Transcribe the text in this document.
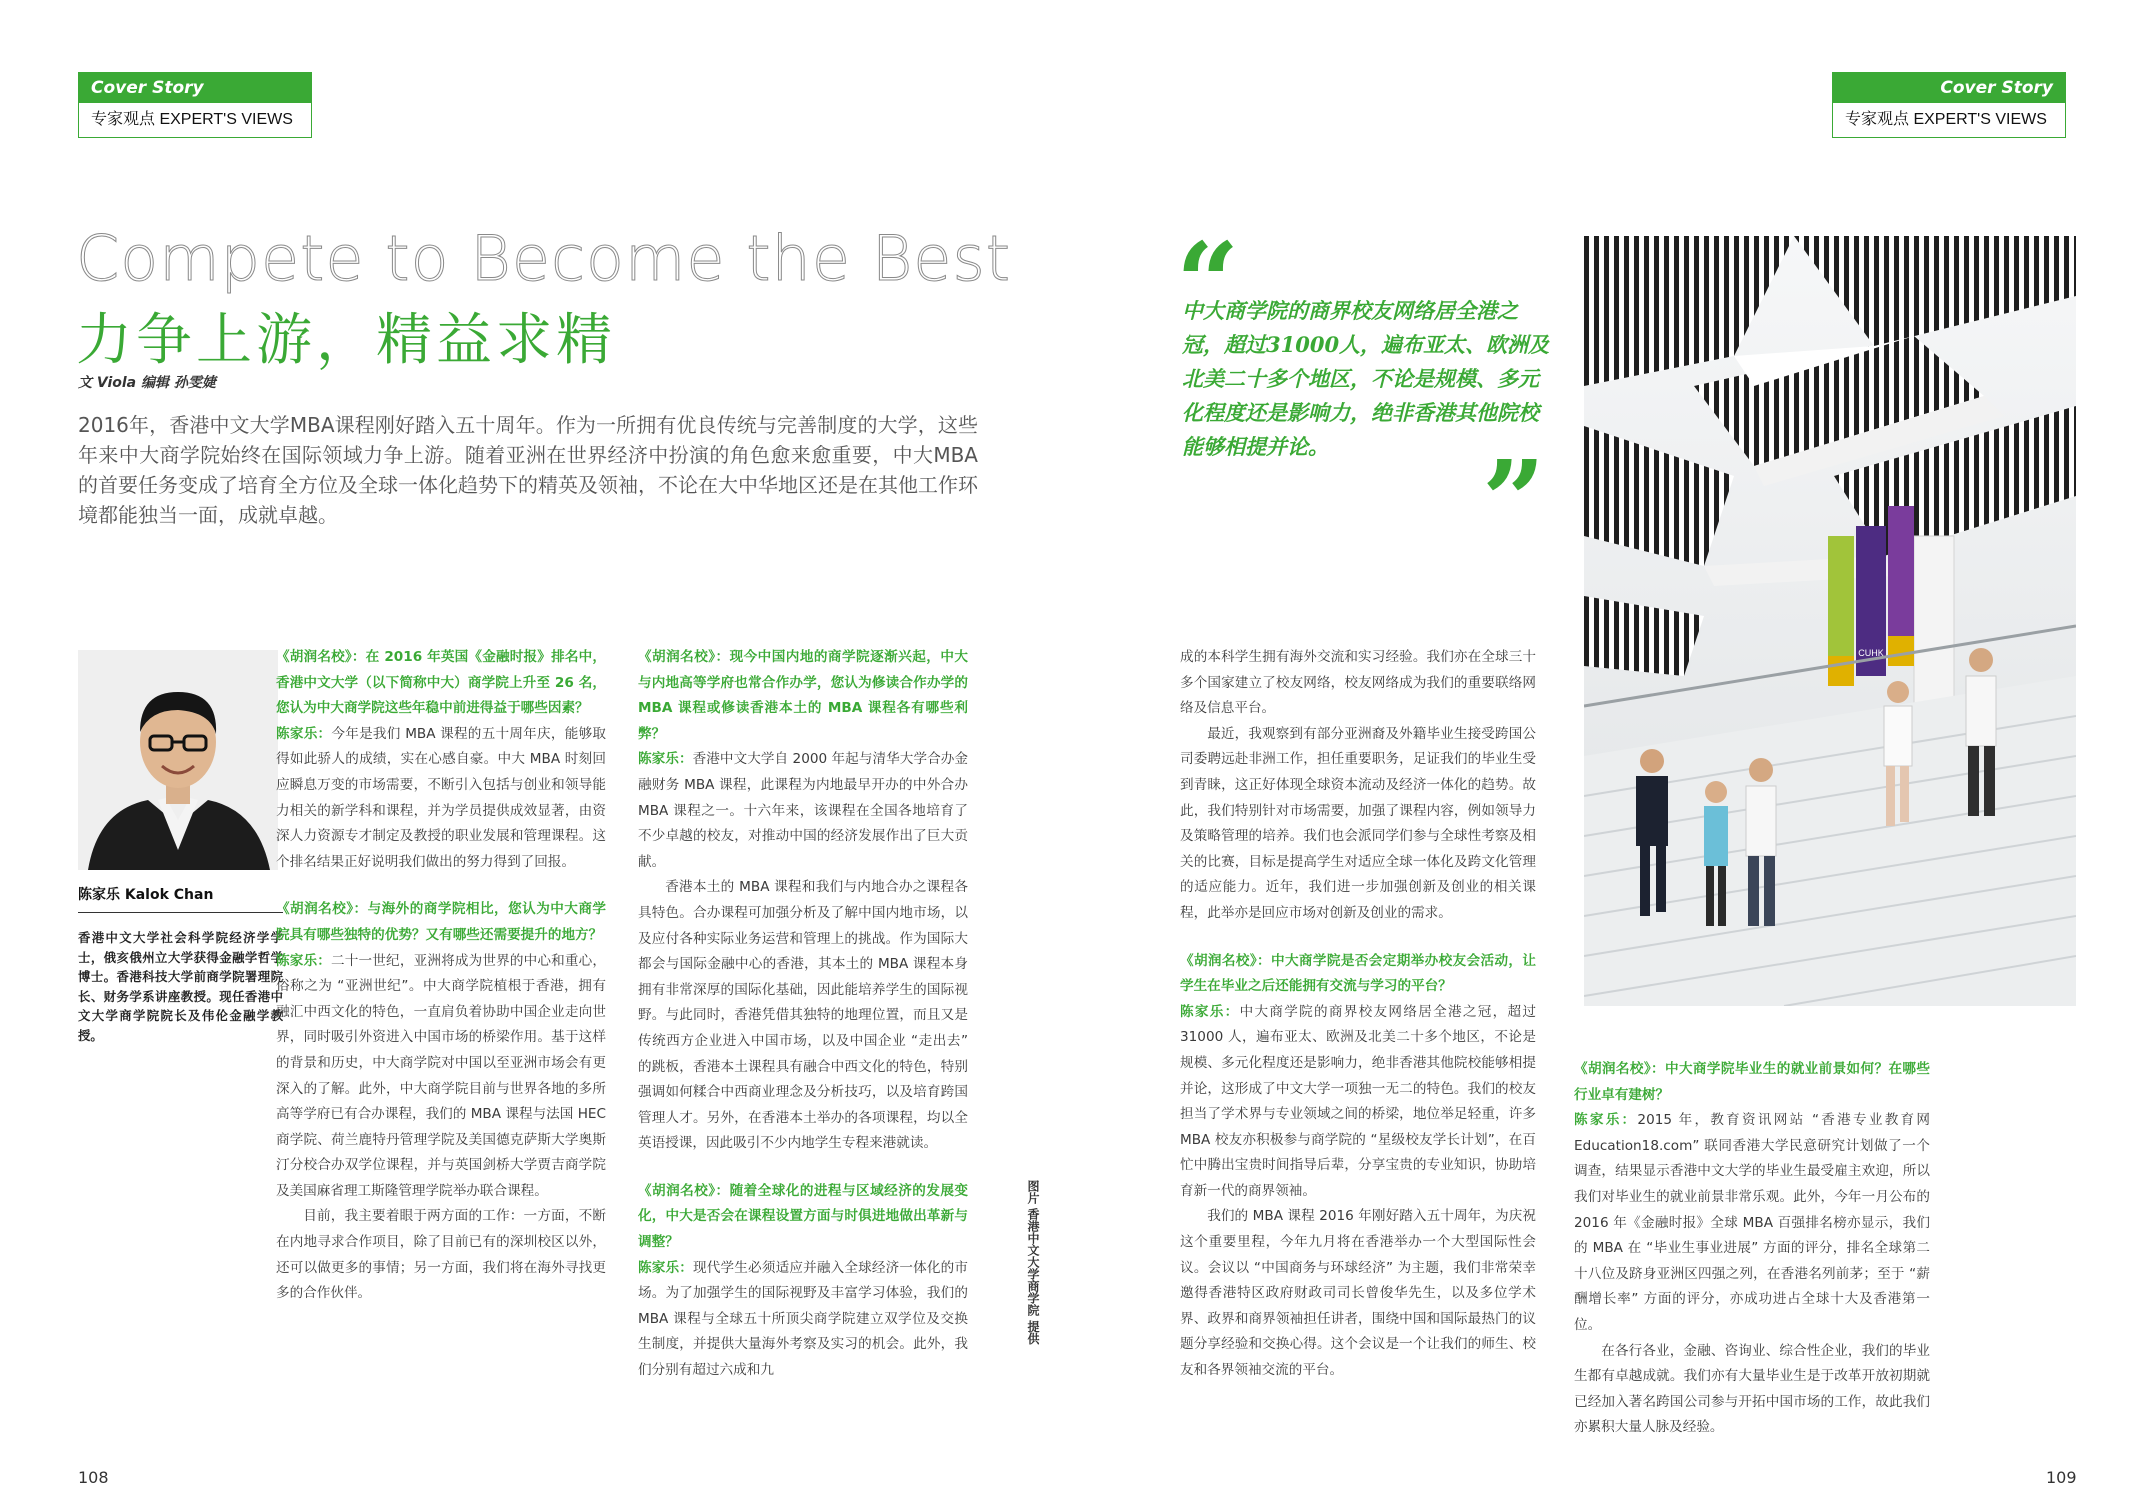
Cover Story
专家观点 EXPERT'S VIEWS
Cover Story
专家观点 EXPERT'S VIEWS
Compete to Become the Best
力争上游，精益求精
文 Viola 编辑 孙雯婕
2016年，香港中文大学MBA课程刚好踏入五十周年。作为一所拥有优良传统与完善制度的大学，这些年来中大商学院始终在国际领域力争上游。随着亚洲在世界经济中扮演的角色愈来愈重要，中大MBA的首要任务变成了培育全方位及全球一体化趋势下的精英及领袖，不论在大中华地区还是在其他工作环境都能独当一面，成就卓越。
陈家乐 Kalok Chan
香港中文大学社会科学院经济学学士，俄亥俄州立大学获得金融学哲学博士。香港科技大学前商学院署理院长、财务学系讲座教授。现任香港中文大学商学院院长及伟伦金融学教授。

《胡润名校》：在 2016 年英国《金融时报》排名中，香港中文大学（以下简称中大）商学院上升至 26 名，您认为中大商学院这些年稳中前进得益于哪些因素？

陈家乐：今年是我们 MBA 课程的五十周年庆，能够取得如此骄人的成绩，实在心感自豪。中大 MBA 时刻回应瞬息万变的市场需要，不断引入包括与创业和领导能力相关的新学科和课程，并为学员提供成效显著，由资深人力资源专才制定及教授的职业发展和管理课程。这个排名结果正好说明我们做出的努力得到了回报。

《胡润名校》：与海外的商学院相比，您认为中大商学院具有哪些独特的优势？又有哪些还需要提升的地方？

陈家乐：二十一世纪，亚洲将成为世界的中心和重心，俗称之为 “亚洲世纪”。中大商学院植根于香港，拥有融汇中西文化的特色，一直肩负着协助中国企业走向世界，同时吸引外资进入中国市场的桥梁作用。基于这样的背景和历史，中大商学院对中国以至亚洲市场会有更深入的了解。此外，中大商学院目前与世界各地的多所高等学府已有合办课程，我们的 MBA 课程与法国 HEC 商学院、荷兰鹿特丹管理学院及美国德克萨斯大学奥斯汀分校合办双学位课程，并与英国剑桥大学贾吉商学院及美国麻省理工斯隆管理学院举办联合课程。

目前，我主要着眼于两方面的工作：一方面，不断在内地寻求合作项目，除了目前已有的深圳校区以外，还可以做更多的事情；另一方面，我们将在海外寻找更多的合作伙伴。

《胡润名校》：现今中国内地的商学院逐渐兴起，中大与内地高等学府也常合作办学，您认为修读合作办学的 MBA 课程或修读香港本土的 MBA 课程各有哪些利弊？

陈家乐：香港中文大学自 2000 年起与清华大学合办金融财务 MBA 课程，此课程为内地最早开办的中外合办 MBA 课程之一。十六年来，该课程在全国各地培育了不少卓越的校友，对推动中国的经济发展作出了巨大贡献。

香港本土的 MBA 课程和我们与内地合办之课程各具特色。合办课程可加强分析及了解中国内地市场，以及应付各种实际业务运营和管理上的挑战。作为国际大都会与国际金融中心的香港，其本土的 MBA 课程本身拥有非常深厚的国际化基础，因此能培养学生的国际视野。与此同时，香港凭借其独特的地理位置，而且又是传统西方企业进入中国市场，以及中国企业 “走出去” 的跳板，香港本土课程具有融合中西文化的特色，特别强调如何糅合中西商业理念及分析技巧，以及培育跨国管理人才。另外，在香港本土举办的各项课程，均以全英语授课，因此吸引不少内地学生专程来港就读。

《胡润名校》：随着全球化的进程与区域经济的发展变化，中大是否会在课程设置方面与时俱进地做出革新与调整？

陈家乐：现代学生必须适应并融入全球经济一体化的市场。为了加强学生的国际视野及丰富学习体验，我们的 MBA 课程与全球五十所顶尖商学院建立双学位及交换生制度，并提供大量海外考察及实习的机会。此外，我们分别有超过六成和九

图片 香港中文大学商学院 提供
“
中大商学院的商界校友网络居全港之冠，超过31000人，遍布亚太、欧洲及北美二十多个地区，不论是规模、多元化程度还是影响力，绝非香港其他院校能够相提并论。	”
CUHK

成的本科学生拥有海外交流和实习经验。我们亦在全球三十多个国家建立了校友网络，校友网络成为我们的重要联络网络及信息平台。

最近，我观察到有部分亚洲裔及外籍毕业生接受跨国公司委聘远赴非洲工作，担任重要职务，足证我们的毕业生受到青睐，这正好体现全球资本流动及经济一体化的趋势。故此，我们特别针对市场需要，加强了课程内容，例如领导力及策略管理的培养。我们也会派同学们参与全球性考察及相关的比赛，目标是提高学生对适应全球一体化及跨文化管理的适应能力。近年，我们进一步加强创新及创业的相关课程，此举亦是回应市场对创新及创业的需求。

《胡润名校》：中大商学院是否会定期举办校友会活动，让学生在毕业之后还能拥有交流与学习的平台？

陈家乐：中大商学院的商界校友网络居全港之冠，超过 31000 人，遍布亚太、欧洲及北美二十多个地区，不论是规模、多元化程度还是影响力，绝非香港其他院校能够相提并论，这形成了中文大学一项独一无二的特色。我们的校友担当了学术界与专业领域之间的桥梁，地位举足轻重，许多 MBA 校友亦积极参与商学院的 “星级校友学长计划”，在百忙中腾出宝贵时间指导后辈，分享宝贵的专业知识，协助培育新一代的商界领袖。

我们的 MBA 课程 2016 年刚好踏入五十周年，为庆祝这个重要里程，今年九月将在香港举办一个大型国际性会议。会议以 “中国商务与环球经济” 为主题，我们非常荣幸邀得香港特区政府财政司司长曾俊华先生，以及多位学术界、政界和商界领袖担任讲者，围绕中国和国际最热门的议题分享经验和交换心得。这个会议是一个让我们的师生、校友和各界领袖交流的平台。

《胡润名校》：中大商学院毕业生的就业前景如何？在哪些行业卓有建树？

陈家乐：2015 年，教育资讯网站 “香港专业教育网 Education18.com” 联同香港大学民意研究计划做了一个调查，结果显示香港中文大学的毕业生最受雇主欢迎，所以我们对毕业生的就业前景非常乐观。此外，今年一月公布的 2016 年《金融时报》全球 MBA 百强排名榜亦显示，我们的 MBA 在 “毕业生事业进展” 方面的评分，排名全球第二十八位及跻身亚洲区四强之列，在香港名列前茅；至于 “薪酬增长率” 方面的评分，亦成功进占全球十大及香港第一位。

在各行各业，金融、咨询业、综合性企业，我们的毕业生都有卓越成就。我们亦有大量毕业生是于改革开放初期就已经加入著名跨国公司参与开拓中国市场的工作，故此我们亦累积大量人脉及经验。

108	109
